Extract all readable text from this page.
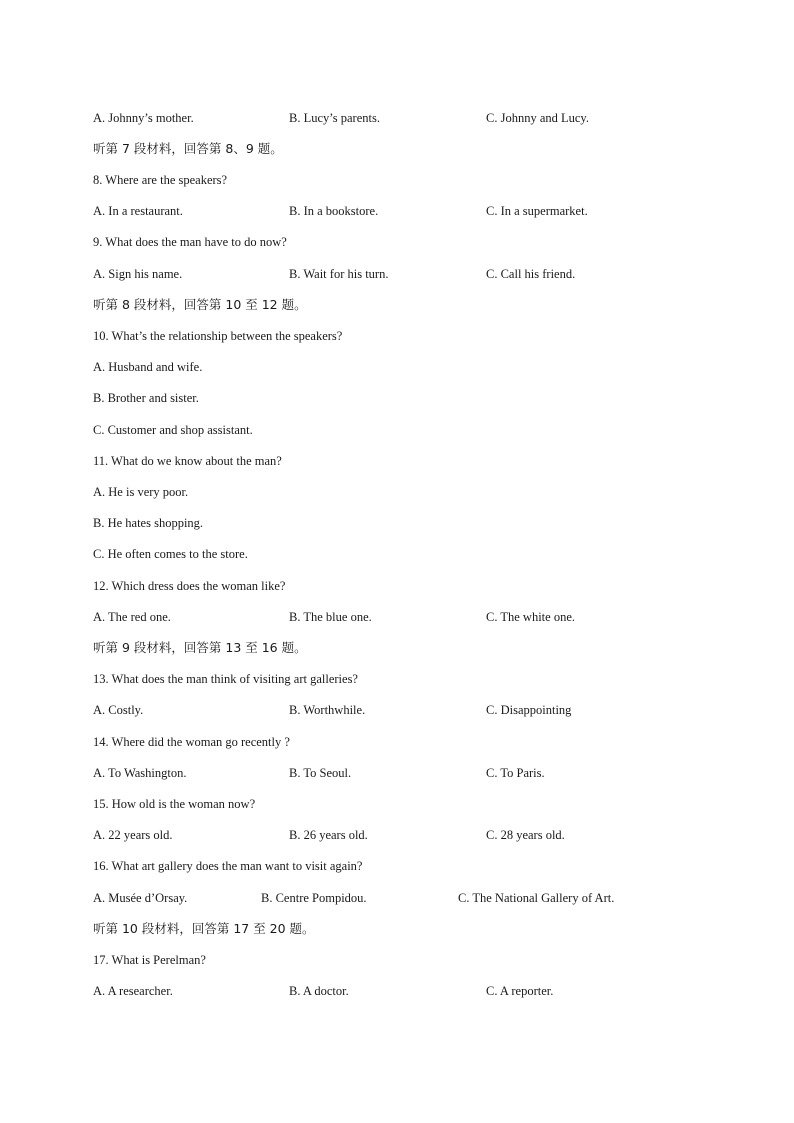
A. Johnny’s mother.	B. Lucy’s parents.	C. Johnny and Lucy.
听第 7 段材料，回答第 8、9 题。
8. Where are the speakers?
A. In a restaurant.	B. In a bookstore.	C. In a supermarket.
9. What does the man have to do now?
A. Sign his name.	B. Wait for his turn.	C. Call his friend.
听第 8 段材料，回答第 10 至 12 题。
10. What’s the relationship between the speakers?
A. Husband and wife.
B. Brother and sister.
C. Customer and shop assistant.
11. What do we know about the man?
A. He is very poor.
B. He hates shopping.
C. He often comes to the store.
12. Which dress does the woman like?
A. The red one.	B. The blue one.	C. The white one.
听第 9 段材料，回答第 13 至 16 题。
13. What does the man think of visiting art galleries?
A. Costly.	B. Worthwhile.	C. Disappointing
14. Where did the woman go recently ?
A. To Washington.	B. To Seoul.	C. To Paris.
15. How old is the woman now?
A. 22 years old.	B. 26 years old.	C. 28 years old.
16. What art gallery does the man want to visit again?
A. Musée d’Orsay.	B. Centre Pompidou.	C. The National Gallery of Art.
听第 10 段材料，回答第 17 至 20 题。
17. What is Perelman?
A. A researcher.	B. A doctor.	C. A reporter.
